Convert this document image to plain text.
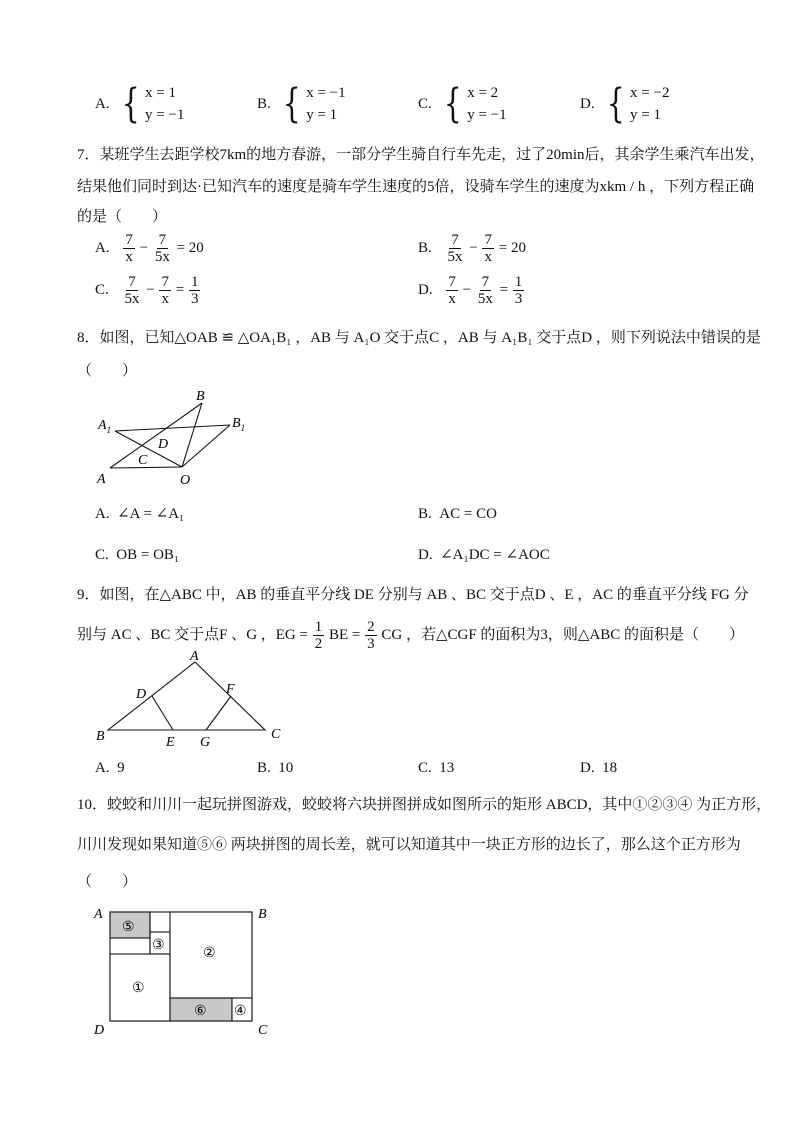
A. { x = 1
y = −1
B. { x = −1
y = 1
C. { x = 2
y = −1
D. { x = −2
y = 1
7．某班学生去距学校7km的地方春游，一部分学生骑自行车先走，过了20min后，其余学生乘汽车出发，
结果他们同时到达·已知汽车的速度是骑车学生速度的5倍，设骑车学生的速度为xkm / h ，下列方程正确
的是（　　）
A. $\frac{7}{x} - \frac{7}{5x} = 20$	B. $\frac{7}{5x} - \frac{7}{x} = 20$
C. $\frac{7}{5x} - \frac{7}{x} = \frac{1}{3}$	D. $\frac{7}{x} - \frac{7}{5x} = \frac{1}{3}$
8．如图，已知△OAB ≌ △OA₁B₁ ，AB 与 A₁O 交于点C ，AB 与 A₁B₁ 交于点D ，则下列说法中错误的是
（　　）
B
$A_1$	$B_1$
D
C
A	O
A. ∠A = ∠A₁	B. AC = CO
C. OB = OB₁	D. ∠A₁DC = ∠AOC
9．如图，在△ABC 中，AB 的垂直平分线 DE 分别与 AB 、BC 交于点D 、E ，AC 的垂直平分线 FG 分
别与 AC 、BC 交于点F 、G ，EG = $\frac{1}{2}$ BE = $\frac{2}{3}$ CG ，若△CGF 的面积为3，则△ABC 的面积是（　　）
A
D	F
B	E G
C
A. 9	B. 10	C. 13	D. 18
10．蛟蛟和川川一起玩拼图游戏，蛟蛟将六块拼图拼成如图所示的矩形 ABCD，其中①②③④ 为正方形，
川川发现如果知道⑤⑥ 两块拼图的周长差，就可以知道其中一块正方形的边长了，那么这个正方形为
（　　）
A	B
D	C
⑤
③
①
②
⑥ ④
